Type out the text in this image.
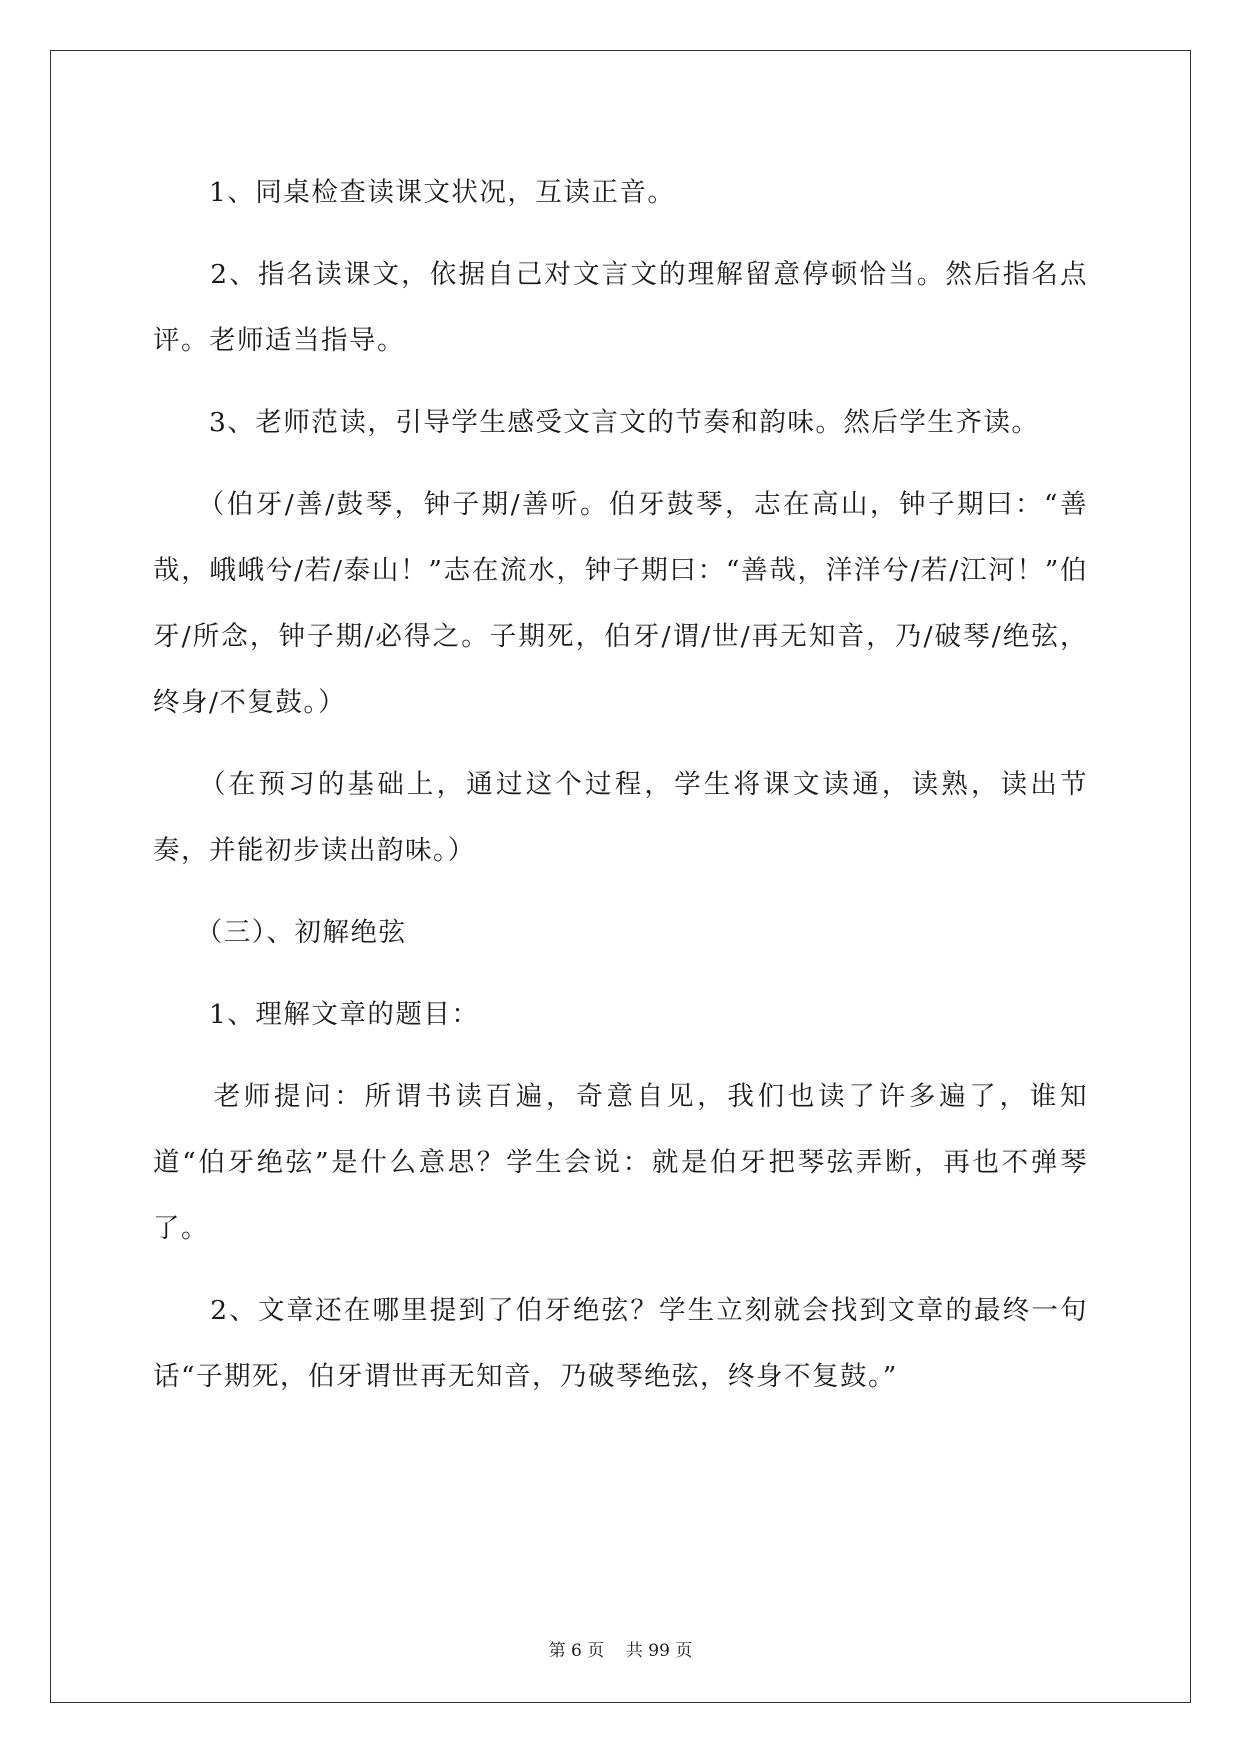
　　1、同桌检查读课文状况，互读正音。

　　2、指名读课文，依据自己对文言文的理解留意停顿恰当。然后指名点评。老师适当指导。

　　3、老师范读，引导学生感受文言文的节奏和韵味。然后学生齐读。

　　（伯牙/善/鼓琴，钟子期/善听。伯牙鼓琴，志在高山，钟子期曰：“善哉，峨峨兮/若/泰山！”志在流水，钟子期曰：“善哉，洋洋兮/若/江河！”伯牙/所念，钟子期/必得之。子期死，伯牙/谓/世/再无知音，乃/破琴/绝弦，终身/不复鼓。）

　　（在预习的基础上，通过这个过程，学生将课文读通，读熟，读出节奏，并能初步读出韵味。）

　　（三）、初解绝弦

　　1、理解文章的题目：

　　老师提问：所谓书读百遍，奇意自见，我们也读了许多遍了，谁知道“伯牙绝弦”是什么意思？学生会说：就是伯牙把琴弦弄断，再也不弹琴了。

　　2、文章还在哪里提到了伯牙绝弦？学生立刻就会找到文章的最终一句话“子期死，伯牙谓世再无知音，乃破琴绝弦，终身不复鼓。”

第 6 页 共 99 页
